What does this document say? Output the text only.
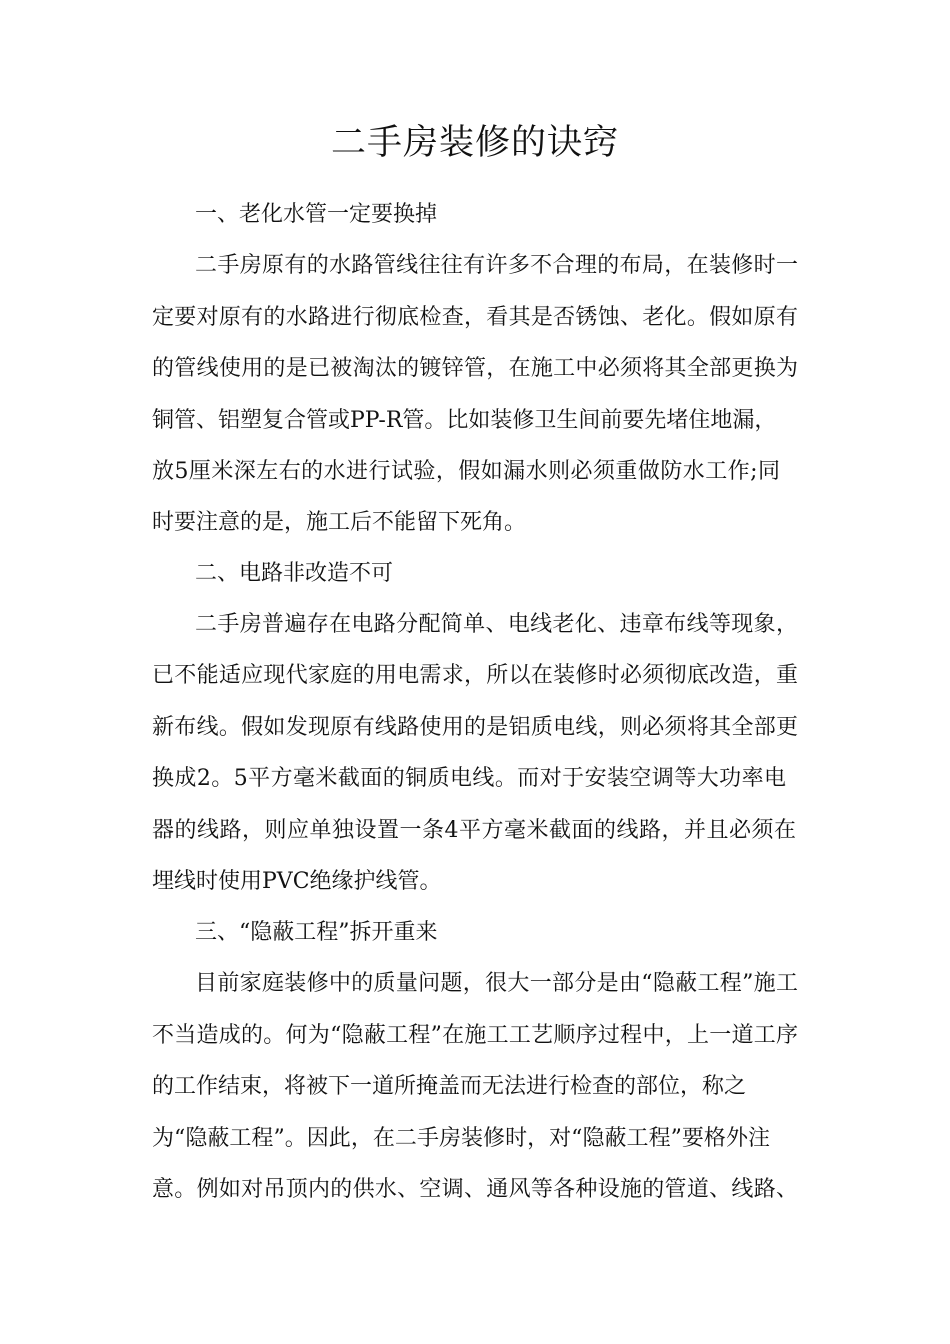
二手房装修的诀窍

一、老化水管一定要换掉

二手房原有的水路管线往往有许多不合理的布局，在装修时一

定要对原有的水路进行彻底检查，看其是否锈蚀、老化。假如原有

的管线使用的是已被淘汰的镀锌管，在施工中必须将其全部更换为

铜管、铝塑复合管或PP-R管。比如装修卫生间前要先堵住地漏，

放5厘米深左右的水进行试验，假如漏水则必须重做防水工作;同

时要注意的是，施工后不能留下死角。

二、电路非改造不可

二手房普遍存在电路分配简单、电线老化、违章布线等现象，

已不能适应现代家庭的用电需求，所以在装修时必须彻底改造，重

新布线。假如发现原有线路使用的是铝质电线，则必须将其全部更

换成2。5平方毫米截面的铜质电线。而对于安装空调等大功率电

器的线路，则应单独设置一条4平方毫米截面的线路，并且必须在

埋线时使用PVC绝缘护线管。

三、“隐蔽工程”拆开重来

目前家庭装修中的质量问题，很大一部分是由“隐蔽工程”施工

不当造成的。何为“隐蔽工程”在施工工艺顺序过程中，上一道工序

的工作结束，将被下一道所掩盖而无法进行检查的部位，称之

为“隐蔽工程”。因此，在二手房装修时，对“隐蔽工程”要格外注

意。例如对吊顶内的供水、空调、通风等各种设施的管道、线路、
